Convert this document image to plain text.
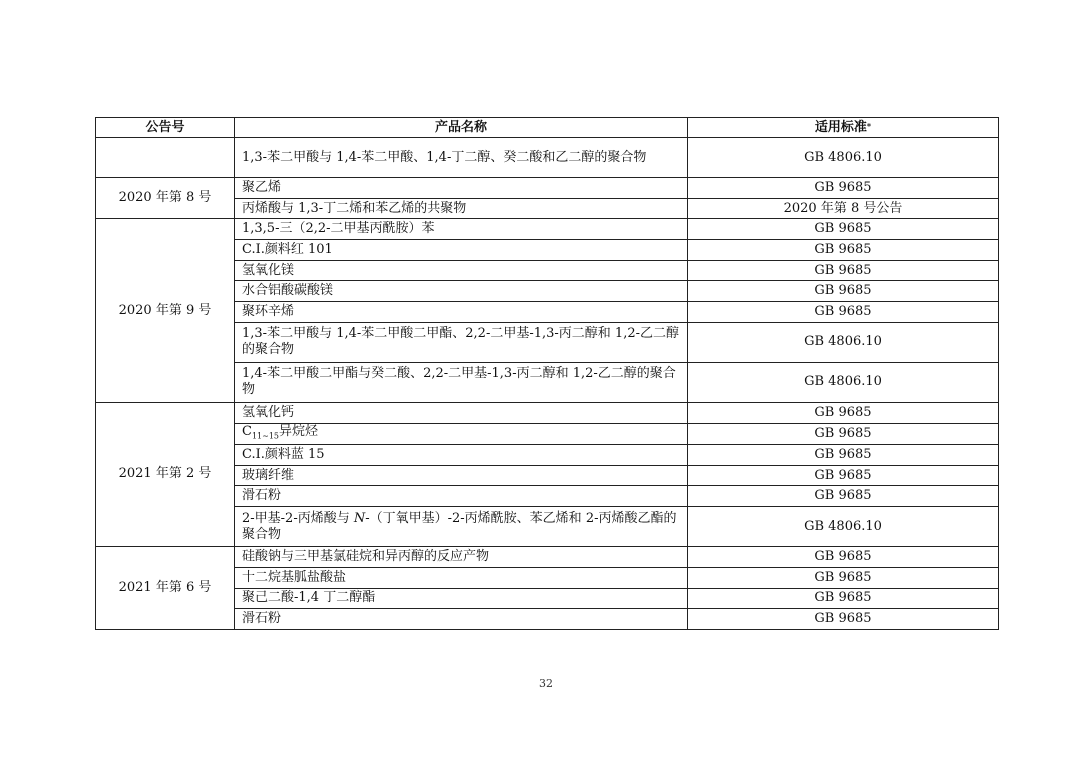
公告号	产品名称	适用标准*
	1,3-苯二甲酸与 1,4-苯二甲酸、1,4-丁二醇、癸二酸和乙二醇的聚合物	GB 4806.10
2020 年第 8 号	聚乙烯	GB 9685
	丙烯酸与 1,3-丁二烯和苯乙烯的共聚物	2020 年第 8 号公告
2020 年第 9 号	1,3,5-三（2,2-二甲基丙酰胺）苯	GB 9685
	C.I.颜料红 101	GB 9685
	氢氧化镁	GB 9685
	水合铝酸碳酸镁	GB 9685
	聚环辛烯	GB 9685
	1,3-苯二甲酸与 1,4-苯二甲酸二甲酯、2,2-二甲基-1,3-丙二醇和 1,2-乙二醇的聚合物	GB 4806.10
	1,4-苯二甲酸二甲酯与癸二酸、2,2-二甲基-1,3-丙二醇和 1,2-乙二醇的聚合物	GB 4806.10
2021 年第 2 号	氢氧化钙	GB 9685
	$C_{11\sim 15}$异烷烃	GB 9685
	C.I.颜料蓝 15	GB 9685
	玻璃纤维	GB 9685
	滑石粉	GB 9685
	2-甲基-2-丙烯酸与 N-（丁氧甲基）-2-丙烯酰胺、苯乙烯和 2-丙烯酸乙酯的聚合物	GB 4806.10
2021 年第 6 号	硅酸钠与三甲基氯硅烷和异丙醇的反应产物	GB 9685
	十二烷基胍盐酸盐	GB 9685
	聚己二酸-1,4 丁二醇酯	GB 9685
	滑石粉	GB 9685
32
